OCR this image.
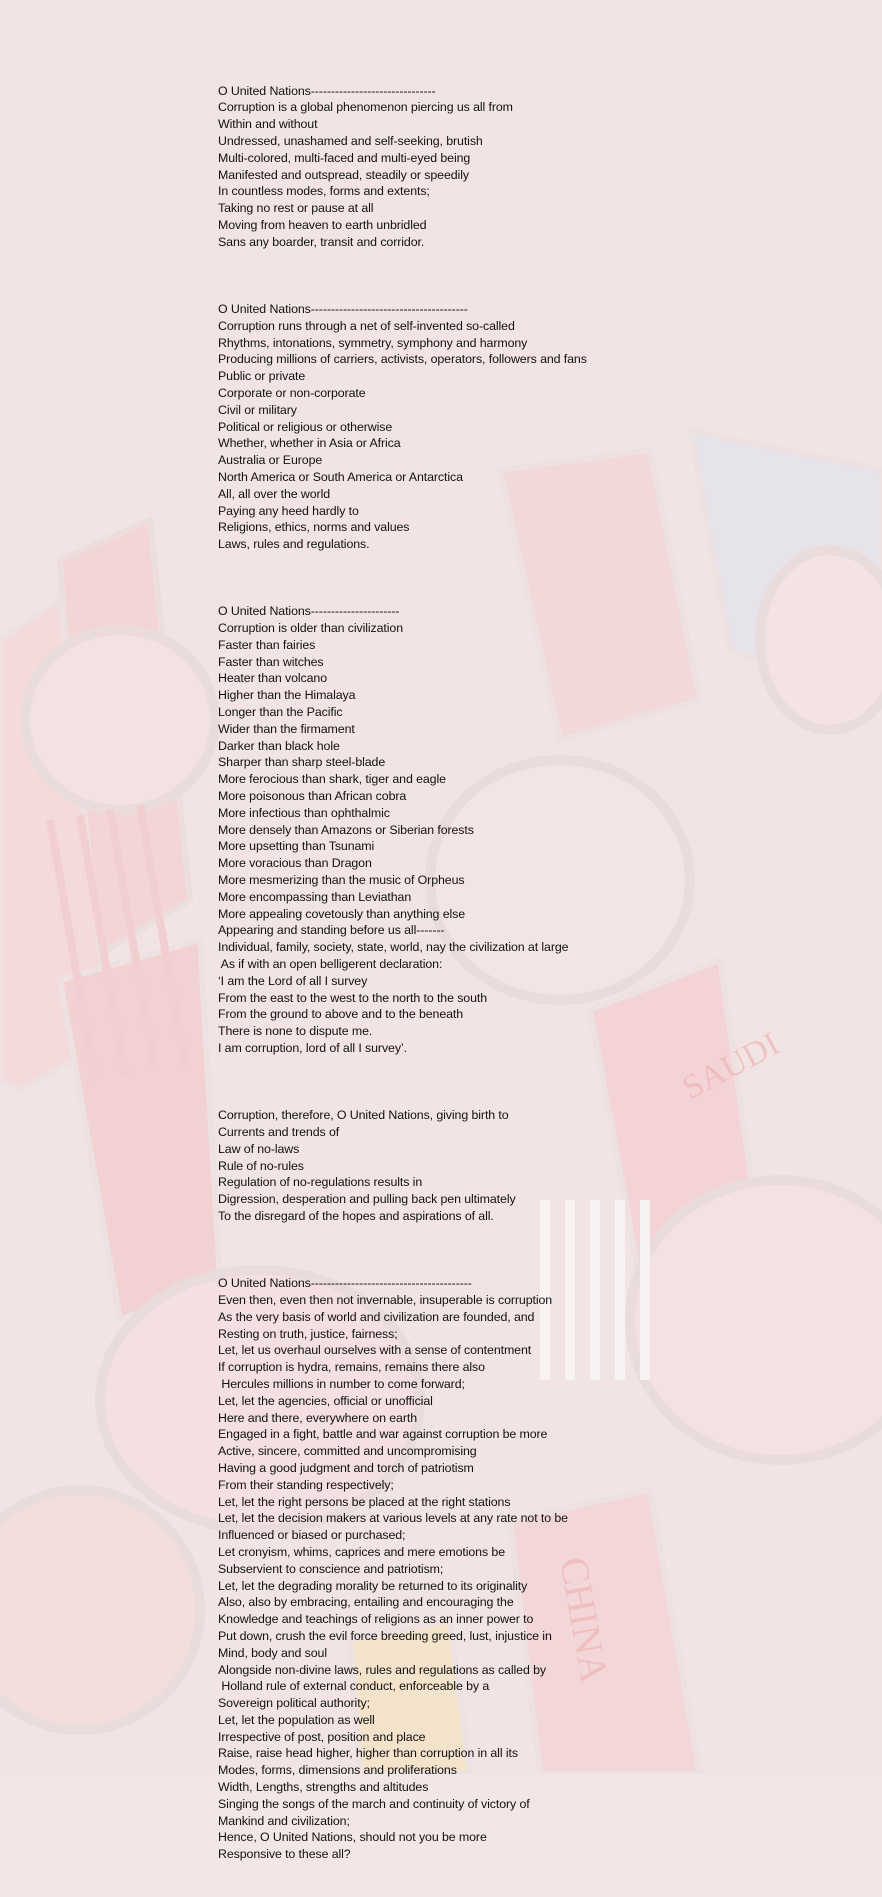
SAUDI
CHINA

O United Nations-------------------------------
Corruption is a global phenomenon piercing us all from
Within and without
Undressed, unashamed and self-seeking, brutish
Multi-colored, multi-faced and multi-eyed being
Manifested and outspread, steadily or speedily
In countless modes, forms and extents;
Taking no rest or pause at all
Moving from heaven to earth unbridled
Sans any boarder, transit and corridor.

O United Nations---------------------------------------
Corruption runs through a net of self-invented so-called
Rhythms, intonations, symmetry, symphony and harmony
Producing millions of carriers, activists, operators, followers and fans
Public or private
Corporate or non-corporate
Civil or military
Political or religious or otherwise
Whether, whether in Asia or Africa
Australia or Europe
North America or South America or Antarctica
All, all over the world
Paying any heed hardly to
Religions, ethics, norms and values
Laws, rules and regulations.

O United Nations----------------------
Corruption is older than civilization
Faster than fairies
Faster than witches
Heater than volcano
Higher than the Himalaya
Longer than the Pacific
Wider than the firmament
Darker than black hole
Sharper than sharp steel-blade
More ferocious than shark, tiger and eagle
More poisonous than African cobra
More infectious than ophthalmic
More densely than Amazons or Siberian forests
More upsetting than Tsunami
More voracious than Dragon
More mesmerizing than the music of Orpheus
More encompassing than Leviathan
More appealing covetously than anything else
Appearing and standing before us all-------
Individual, family, society, state, world, nay the civilization at large
As if with an open belligerent declaration:
‘I am the Lord of all I survey
From the east to the west to the north to the south
From the ground to above and to the beneath
There is none to dispute me.
I am corruption, lord of all I survey’.

Corruption, therefore, O United Nations, giving birth to
Currents and trends of
Law of no-laws
Rule of no-rules
Regulation of no-regulations results in
Digression, desperation and pulling back pen ultimately
To the disregard of the hopes and aspirations of all.

O United Nations----------------------------------------
Even then, even then not invernable, insuperable is corruption
As the very basis of world and civilization are founded, and
Resting on truth, justice, fairness;
Let, let us overhaul ourselves with a sense of contentment
If corruption is hydra, remains, remains there also
Hercules millions in number to come forward;
Let, let the agencies, official or unofficial
Here and there, everywhere on earth
Engaged in a fight, battle and war against corruption be more
Active, sincere, committed and uncompromising
Having a good judgment and torch of patriotism
From their standing respectively;
Let, let the right persons be placed at the right stations
Let, let the decision makers at various levels at any rate not to be
Influenced or biased or purchased;
Let cronyism, whims, caprices and mere emotions be
Subservient to conscience and patriotism;
Let, let the degrading morality be returned to its originality
Also, also by embracing, entailing and encouraging the
Knowledge and teachings of religions as an inner power to
Put down, crush the evil force breeding greed, lust, injustice in
Mind, body and soul
Alongside non-divine laws, rules and regulations as called by
Holland rule of external conduct, enforceable by a
Sovereign political authority;
Let, let the population as well
Irrespective of post, position and place
Raise, raise head higher, higher than corruption in all its
Modes, forms, dimensions and proliferations
Width, Lengths, strengths and altitudes
Singing the songs of the march and continuity of victory of
Mankind and civilization;
Hence, O United Nations, should not you be more
Responsive to these all?
